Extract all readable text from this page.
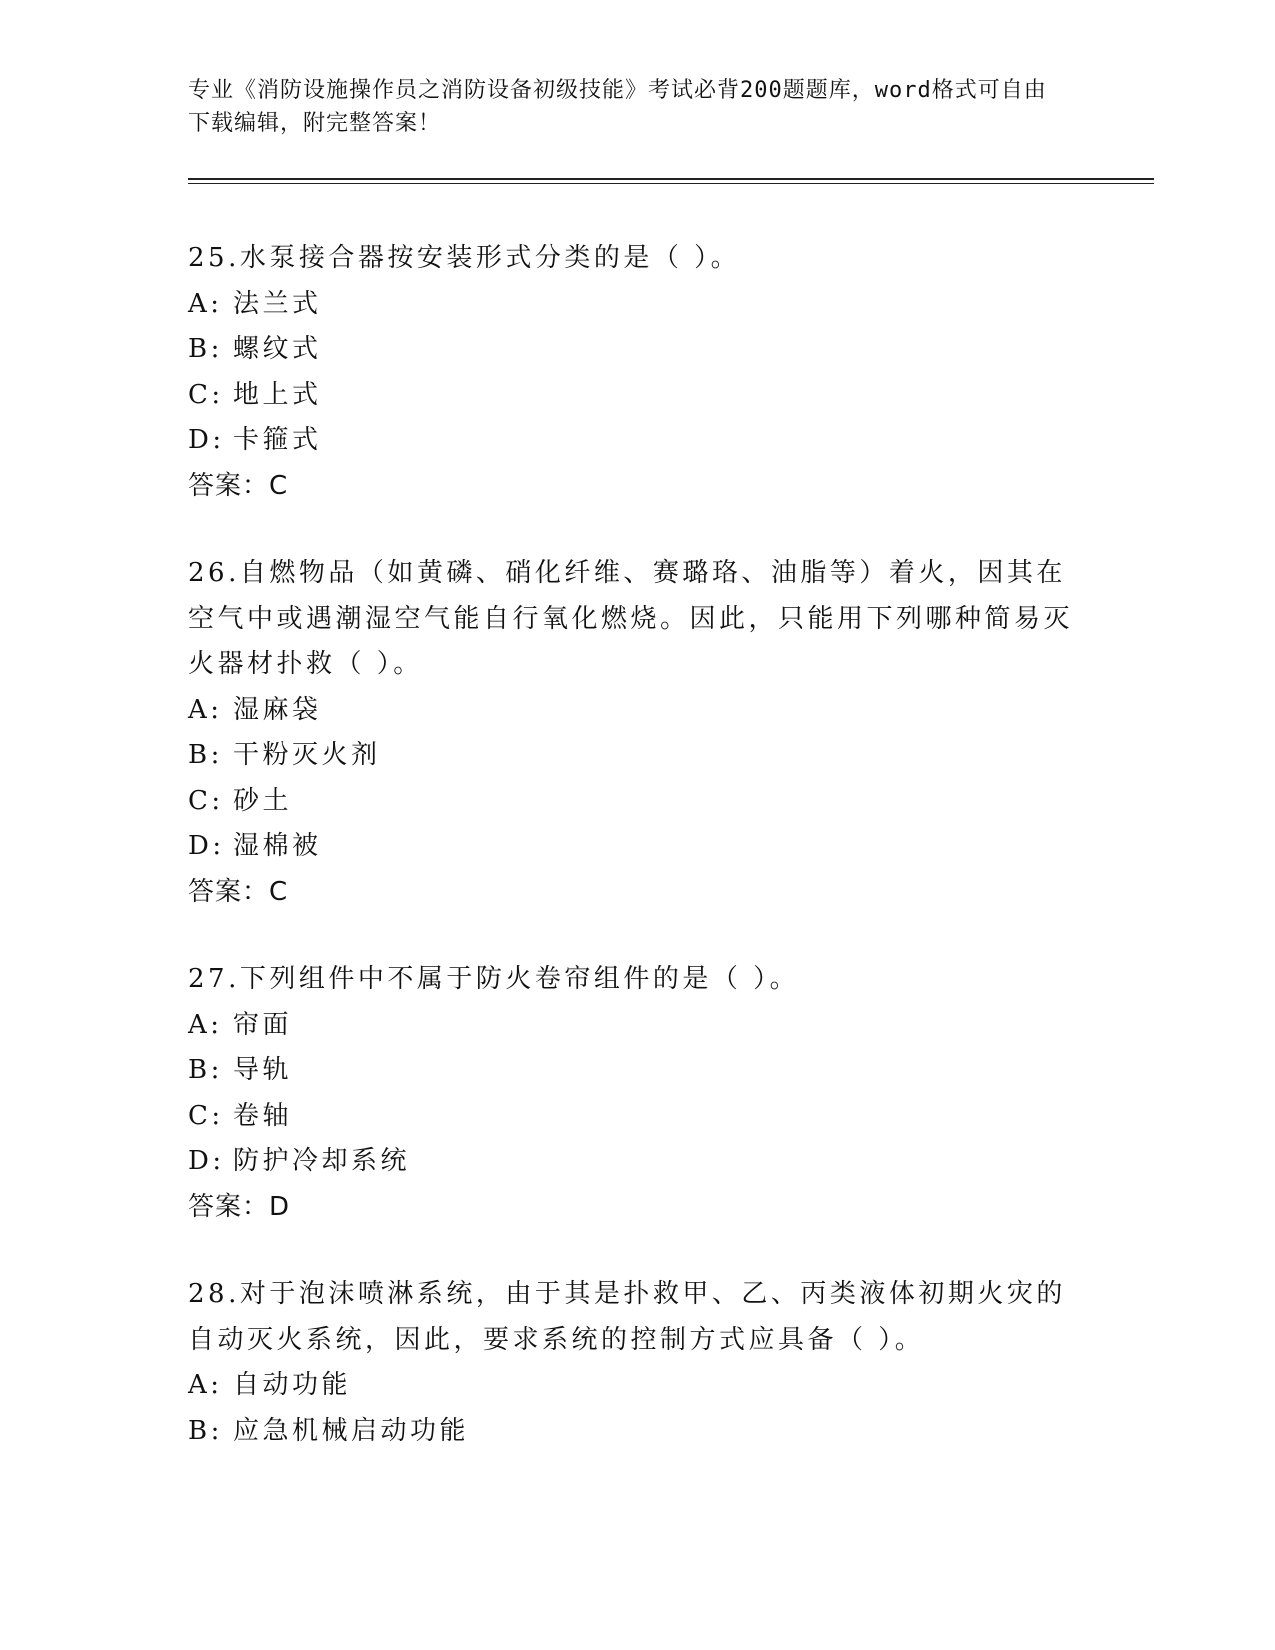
专业《消防设施操作员之消防设备初级技能》考试必背200题题库，word格式可自由下载编辑，附完整答案！
25.水泵接合器按安装形式分类的是（ ）。
A: 法兰式
B: 螺纹式
C: 地上式
D: 卡箍式
答案：C
26.自燃物品（如黄磷、硝化纤维、赛璐珞、油脂等）着火，因其在空气中或遇潮湿空气能自行氧化燃烧。因此，只能用下列哪种简易灭火器材扑救（ ）。
A: 湿麻袋
B: 干粉灭火剂
C: 砂土
D: 湿棉被
答案：C
27.下列组件中不属于防火卷帘组件的是（ ）。
A: 帘面
B: 导轨
C: 卷轴
D: 防护冷却系统
答案：D
28.对于泡沫喷淋系统，由于其是扑救甲、乙、丙类液体初期火灾的自动灭火系统，因此，要求系统的控制方式应具备（ ）。
A: 自动功能
B: 应急机械启动功能
